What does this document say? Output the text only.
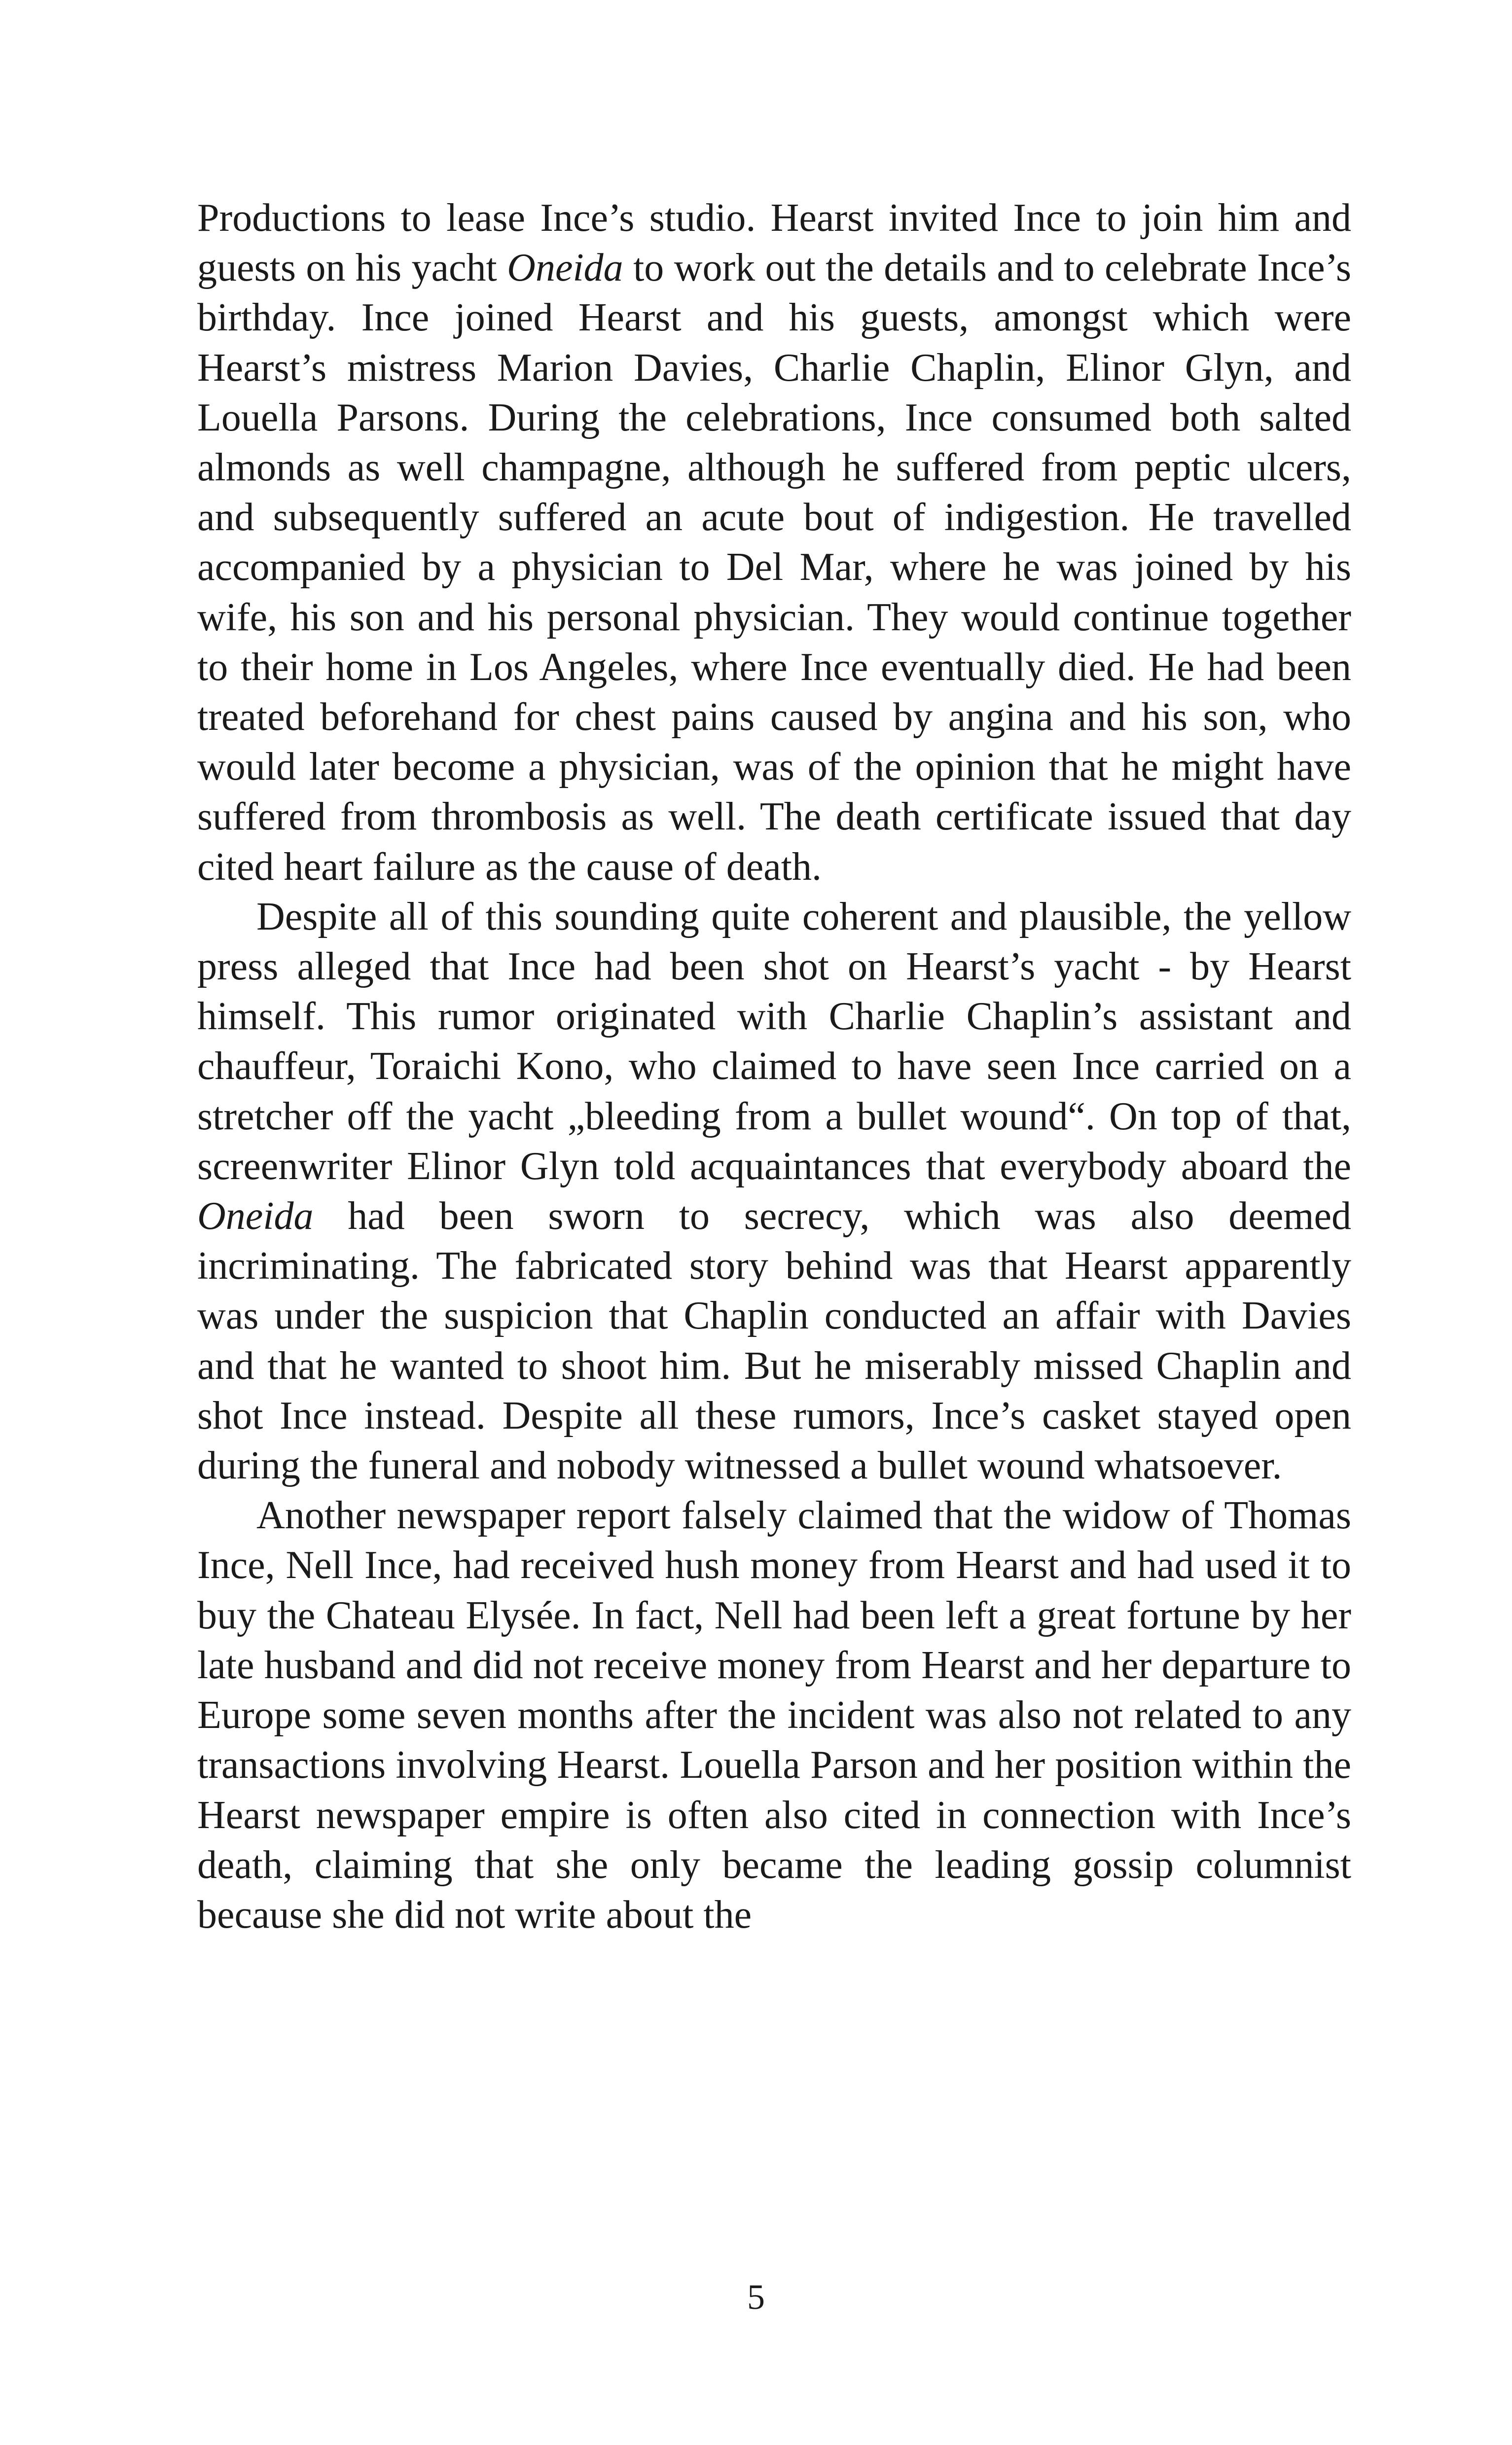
Productions to lease Ince’s studio. Hearst invited Ince to join him and guests on his yacht Oneida to work out the details and to celebrate Ince’s birthday. Ince joined Hearst and his guests, amongst which were Hearst’s mistress Marion Davies, Charlie Chaplin, Elinor Glyn, and Louella Parsons. During the celebrations, Ince consumed both salted almonds as well champagne, although he suffered from peptic ulcers, and subsequently suffered an acute bout of indigestion. He travelled accompanied by a physician to Del Mar, where he was joined by his wife, his son and his personal physician. They would continue together to their home in Los Angeles, where Ince eventually died. He had been treated beforehand for chest pains caused by angina and his son, who would later become a physician, was of the opinion that he might have suffered from thrombosis as well. The death certificate issued that day cited heart failure as the cause of death.

Despite all of this sounding quite coherent and plausible, the yellow press alleged that Ince had been shot on Hearst’s yacht - by Hearst himself. This rumor originated with Charlie Chaplin’s assistant and chauffeur, Toraichi Kono, who claimed to have seen Ince carried on a stretcher off the yacht „bleeding from a bullet wound“. On top of that, screenwriter Elinor Glyn told acquaintances that everybody aboard the Oneida had been sworn to secrecy, which was also deemed incriminating. The fabricated story behind was that Hearst apparently was under the suspicion that Chaplin conducted an affair with Davies and that he wanted to shoot him. But he miserably missed Chaplin and shot Ince instead. Despite all these rumors, Ince’s casket stayed open during the funeral and nobody witnessed a bullet wound whatsoever.

Another newspaper report falsely claimed that the widow of Thomas Ince, Nell Ince, had received hush money from Hearst and had used it to buy the Chateau Elysée. In fact, Nell had been left a great fortune by her late husband and did not receive money from Hearst and her departure to Europe some seven months after the incident was also not related to any transactions involving Hearst. Louella Parson and her position within the Hearst newspaper empire is often also cited in connection with Ince’s death, claiming that she only became the leading gossip columnist because she did not write about the

5
